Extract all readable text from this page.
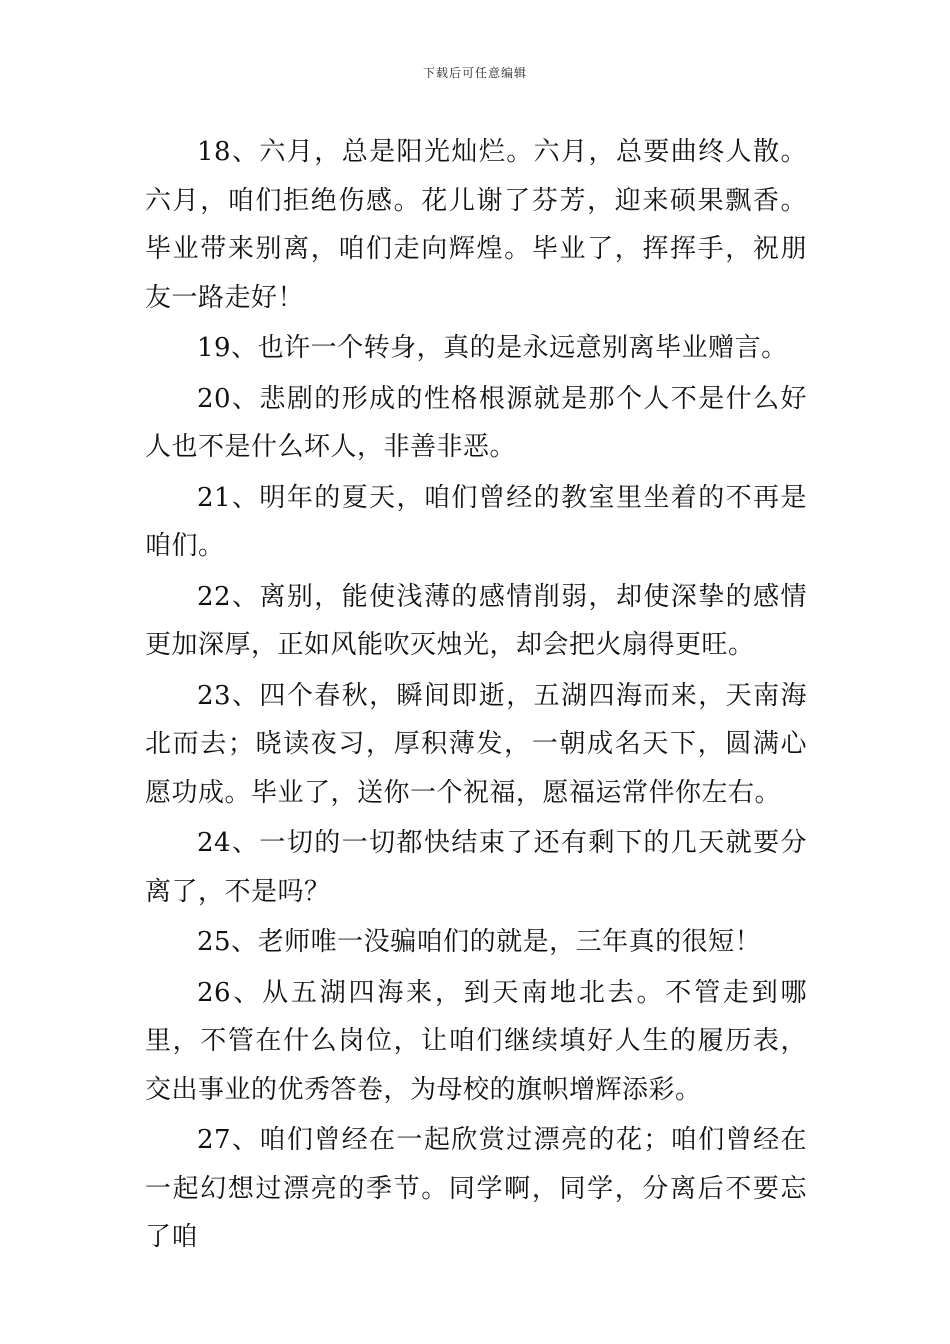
下载后可任意编辑

18、六月，总是阳光灿烂。六月，总要曲终人散。六月，咱们拒绝伤感。花儿谢了芬芳，迎来硕果飘香。毕业带来别离，咱们走向辉煌。毕业了，挥挥手，祝朋友一路走好！

19、也许一个转身，真的是永远意别离毕业赠言。

20、悲剧的形成的性格根源就是那个人不是什么好人也不是什么坏人，非善非恶。

21、明年的夏天，咱们曾经的教室里坐着的不再是咱们。

22、离别，能使浅薄的感情削弱，却使深挚的感情更加深厚，正如风能吹灭烛光，却会把火扇得更旺。

23、四个春秋，瞬间即逝，五湖四海而来，天南海北而去；晓读夜习，厚积薄发，一朝成名天下，圆满心愿功成。毕业了，送你一个祝福，愿福运常伴你左右。

24、一切的一切都快结束了还有剩下的几天就要分离了，不是吗？

25、老师唯一没骗咱们的就是，三年真的很短！

26、从五湖四海来，到天南地北去。不管走到哪里，不管在什么岗位，让咱们继续填好人生的履历表，交出事业的优秀答卷，为母校的旗帜增辉添彩。

27、咱们曾经在一起欣赏过漂亮的花；咱们曾经在一起幻想过漂亮的季节。同学啊，同学，分离后不要忘了咱
